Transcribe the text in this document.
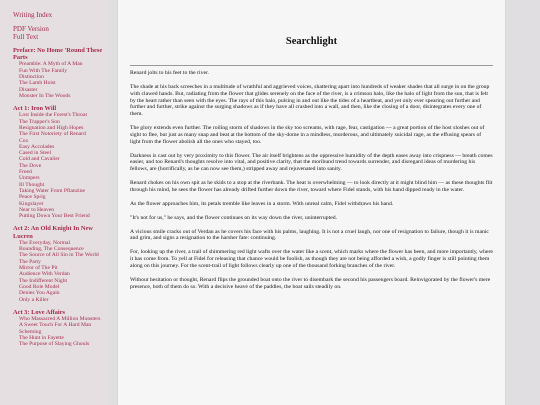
Writing Index
PDF Version
Full Text
Preface: No Home 'Round These Parts
Preamble: A Myth of A Man
Fun With The Family
Distinction
The Lamb Hoist
Disaster
Monster In The Woods
Act 1: Iron Will
Lost Inside the Forest's Throat
The Trapper's Son
Resignation and High Hopes
The First Notoriety of Renard
Cox
Easy Accolades
Cased in Steel
Cold and Cavalier
The Dove
Freed
Unmpers
Ill Thought
Taking Water From Pflanzine
Peace Sprig
Kingslayer
Near to Heaven
Putting Down Your Best Friend
Act 2: An Old Knight In New Lucren
The Everyday, Normal
Bounding, The Consequence
The Source of All Sin in The World
The Party
Mirror of The Pit
Audience With Verdan
The Indifferent Night
Good Role Model
Denies You Again
Only a Killer
Act 3: Love Affairs
Who Massacred A Million Monsters
A Sweet Touch For A Hard Man
Scheming
The Hunt in Fayette
The Purpose of Slaying Ghouls
Searchlight

Renard jolts to his feet to the river.

The shade at his back screeches in a multitude of wrathful and aggrieved voices, shattering apart into hundreds of weaker shades that all surge in on the group with clawed hands. But, radiating from the flower that glides serenely on the face of the river, is a crimson halo, like the halo of light from the sun, that is felt by the heart rather than seen with the eyes. The rays of this halo, pulsing in and out like the tides of a heartbeat, and yet only ever spearing out further and further and further, strike against the surging shadows as if they have all crashed into a wall, and then, like the closing of a door, disintegrates every one of them.

The glory extends even further. The roiling storm of shadows in the sky too screams, with rage, fear, castigation — a great portion of the host sloshes out of sight to flee, but just as many snap and beat at the bottom of the sky-dome in a mindless, murderous, and ultimately suicidal rage, as the effusing spears of light from the flower abolish all the ones who stayed, too.

Darkness is cast out by very proximity to this flower. The air itself brightens as the oppressive humidity of the depth eases away into crispness — breath comes easier, and too Renard's thoughts resolve into vital, and positive clarity, that the moribund trend towards surrender, and disregard ideas of murdering his fellows, are (horrifically, as he can now see them,) stripped away and rejuvenated into sanity.

Renard chokes on his own spit as he skids to a stop at the riverbank. The heat is overwhelming — to look directly at it might blind him — as these thoughts flit through his mind, he sees the flower has already drifted further down the river, toward where Fidel stands, with his hand dipped ready in the water.

As the flower approaches him, its petals tremble like leaves in a storm. With unreal calm, Fidel withdraws his hand.

"It's not for us," he says, and the flower continues on its way down the river, uninterrupted.

A vicious smile cracks out of Verdan as he covers his face with his palms, laughing. It is not a cruel laugh, nor one of resignation to failure, though it is manic and grim, and signs a resignation to the harsher fate: continuing.

For, looking up the river, a trail of shimmering red light wafts over the water like a scent, which marks where the flower has been, and more importantly, where it has come from. To yell at Fidel for releasing that chance would be foolish, as though they are not being afforded a wish, a godly finger is still pointing them along on this journey. For the scent-trail of light follows clearly up one of the thousand forking branches of the river.

Without hesitation or thought, Renard flips the grounded boat onto the river to disembark the second his passengers board. Reinvigorated by the flower's mere presence, both of them do so. With a decisive heave of the paddles, the boat sails steadily on.
